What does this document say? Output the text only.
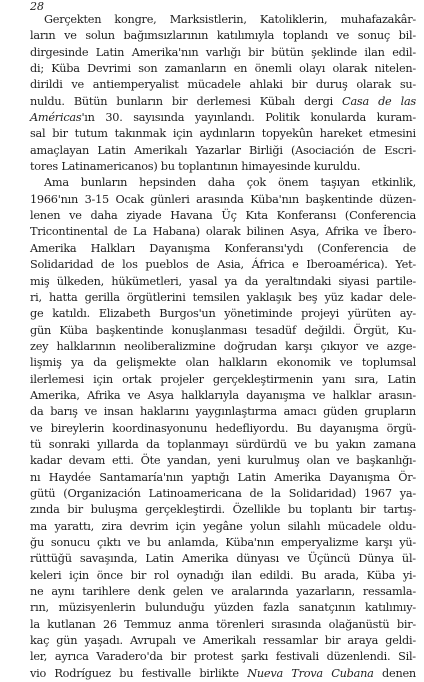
28
Gerçekten kongre, Marksistlerin, Katoliklerin, muhafazakâr-
ların ve solun bağımsızlarının katılımıyla toplandı ve sonuç bil-
dirgesinde Latin Amerika'nın varlığı bir bütün şeklinde ilan edil-
di; Küba Devrimi son zamanların en önemli olayı olarak nitelen-
dirildi ve antiemperyalist mücadele ahlaki bir duruş olarak su-
nuldu. Bütün bunların bir derlemesi Kübalı dergi Casa de las
Américas'ın 30. sayısında yayınlandı. Politik konularda kuram-
sal bir tutum takınmak için aydınların topyekûn hareket etmesini
amaçlayan Latin Amerikalı Yazarlar Birliği (Asociación de Escri-
tores Latinamericanos) bu toplantının himayesinde kuruldu.
Ama bunların hepsinden daha çok önem taşıyan etkinlik,
1966'nın 3-15 Ocak günleri arasında Küba'nın başkentinde düzen-
lenen ve daha ziyade Havana Üç Kıta Konferansı (Conferencia
Tricontinental de La Habana) olarak bilinen Asya, Afrika ve İbero-
Amerika Halkları Dayanışma Konferansı'ydı (Conferencia de
Solidaridad de los pueblos de Asia, África e Iberoamérica). Yet-
miş ülkeden, hükümetleri, yasal ya da yeraltındaki siyasi partile-
ri, hatta gerilla örgütlerini temsilen yaklaşık beş yüz kadar dele-
ge katıldı. Elizabeth Burgos'un yönetiminde projeyi yürüten ay-
gün Küba başkentinde konuşlanması tesadüf değildi. Örgüt, Ku-
zey halklarının neoliberalizmine doğrudan karşı çıkıyor ve azge-
lişmiş ya da gelişmekte olan halkların ekonomik ve toplumsal
ilerlemesi için ortak projeler gerçekleştirmenin yanı sıra, Latin
Amerika, Afrika ve Asya halklarıyla dayanışma ve halklar arasın-
da barış ve insan haklarını yaygınlaştırma amacı güden grupların
ve bireylerin koordinasyonunu hedefliyordu. Bu dayanışma örgü-
tü sonraki yıllarda da toplanmayı sürdürdü ve bu yakın zamana
kadar devam etti. Öte yandan, yeni kurulmuş olan ve başkanlığı-
nı Haydée Santamaría'nın yaptığı Latin Amerika Dayanışma Ör-
gütü (Organización Latinoamericana de la Solidaridad) 1967 ya-
zında bir buluşma gerçekleştirdi. Özellikle bu toplantı bir tartış-
ma yarattı, zira devrim için yegâne yolun silahlı mücadele oldu-
ğu sonucu çıktı ve bu anlamda, Küba'nın emperyalizme karşı yü-
rüttüğü savaşında, Latin Amerika dünyası ve Üçüncü Dünya ül-
keleri için önce bir rol oynadığı ilan edildi. Bu arada, Küba yi-
ne aynı tarihlere denk gelen ve aralarında yazarların, ressamla-
rın, müzisyenlerin bulunduğu yüzden fazla sanatçının katılımıy-
la kutlanan 26 Temmuz anma törenleri sırasında olağanüstü bir-
kaç gün yaşadı. Avrupalı ve Amerikalı ressamlar bir araya geldi-
ler, ayrıca Varadero'da bir protest şarkı festivali düzenlendi. Sil-
vio Rodríguez bu festivalle birlikte Nueva Trova Cubana denen
